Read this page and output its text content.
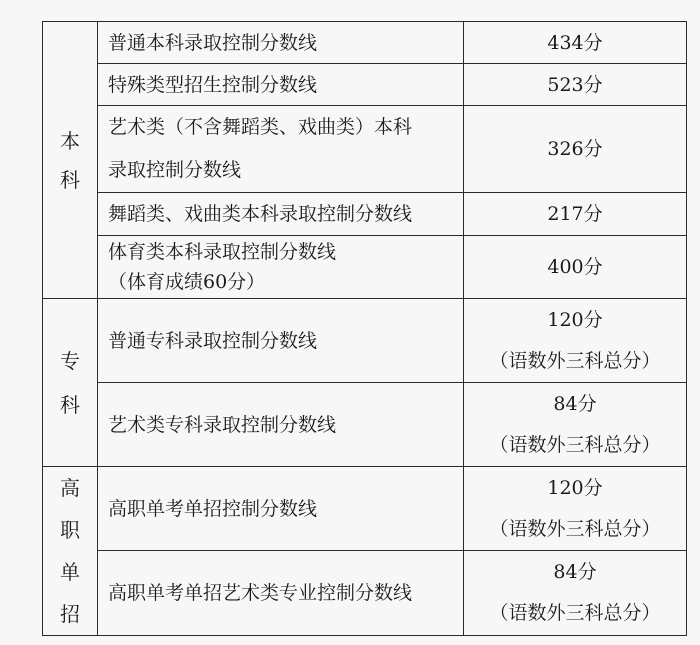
本
科	普通本科录取控制分数线	434分

	特殊类型招生控制分数线	523分

	艺术类（不含舞蹈类、戏曲类）本科
录取控制分数线	326分

	舞蹈类、戏曲类本科录取控制分数线	217分

	体育类本科录取控制分数线
（体育成绩60分）	400分

专
科	普通专科录取控制分数线	120分
（语数外三科总分）

	艺术类专科录取控制分数线	84分
（语数外三科总分）

高
职
单
招	高职单考单招控制分数线	120分
（语数外三科总分）

	高职单考单招艺术类专业控制分数线	84分
（语数外三科总分）
